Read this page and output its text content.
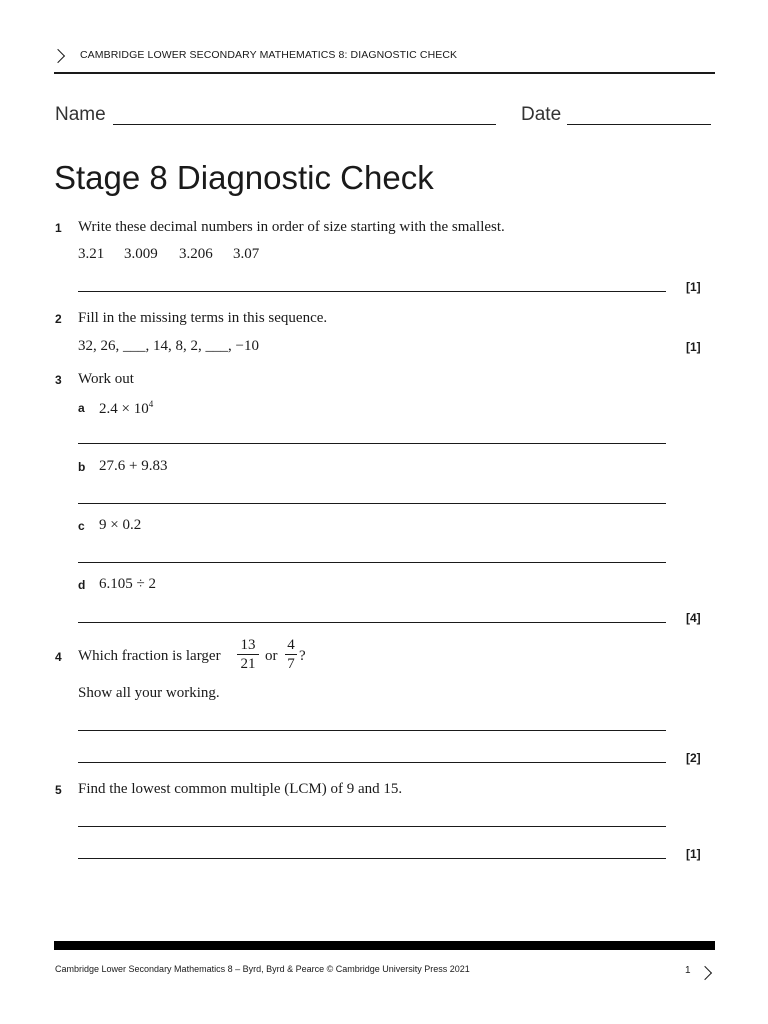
CAMBRIDGE LOWER SECONDARY MATHEMATICS 8: DIAGNOSTIC CHECK
Name	Date
Stage 8 Diagnostic Check
1 Write these decimal numbers in order of size starting with the smallest.
3.21 3.009 3.206 3.07
[1]
2 Fill in the missing terms in this sequence.
32, 26, ___, 14, 8, 2, ___, −10	[1]
3 Work out
a $2.4 \times 10^4$
b 27.6 + 9.83
c 9 × 0.2
d 6.105 ÷ 2
[4]
4 Which fraction is larger
13
21 or
4
7 ?
Show all your working.
[2]
5 Find the lowest common multiple (LCM) of 9 and 15.
[1]
Cambridge Lower Secondary Mathematics 8 – Byrd, Byrd & Pearce © Cambridge University Press 2021	1
